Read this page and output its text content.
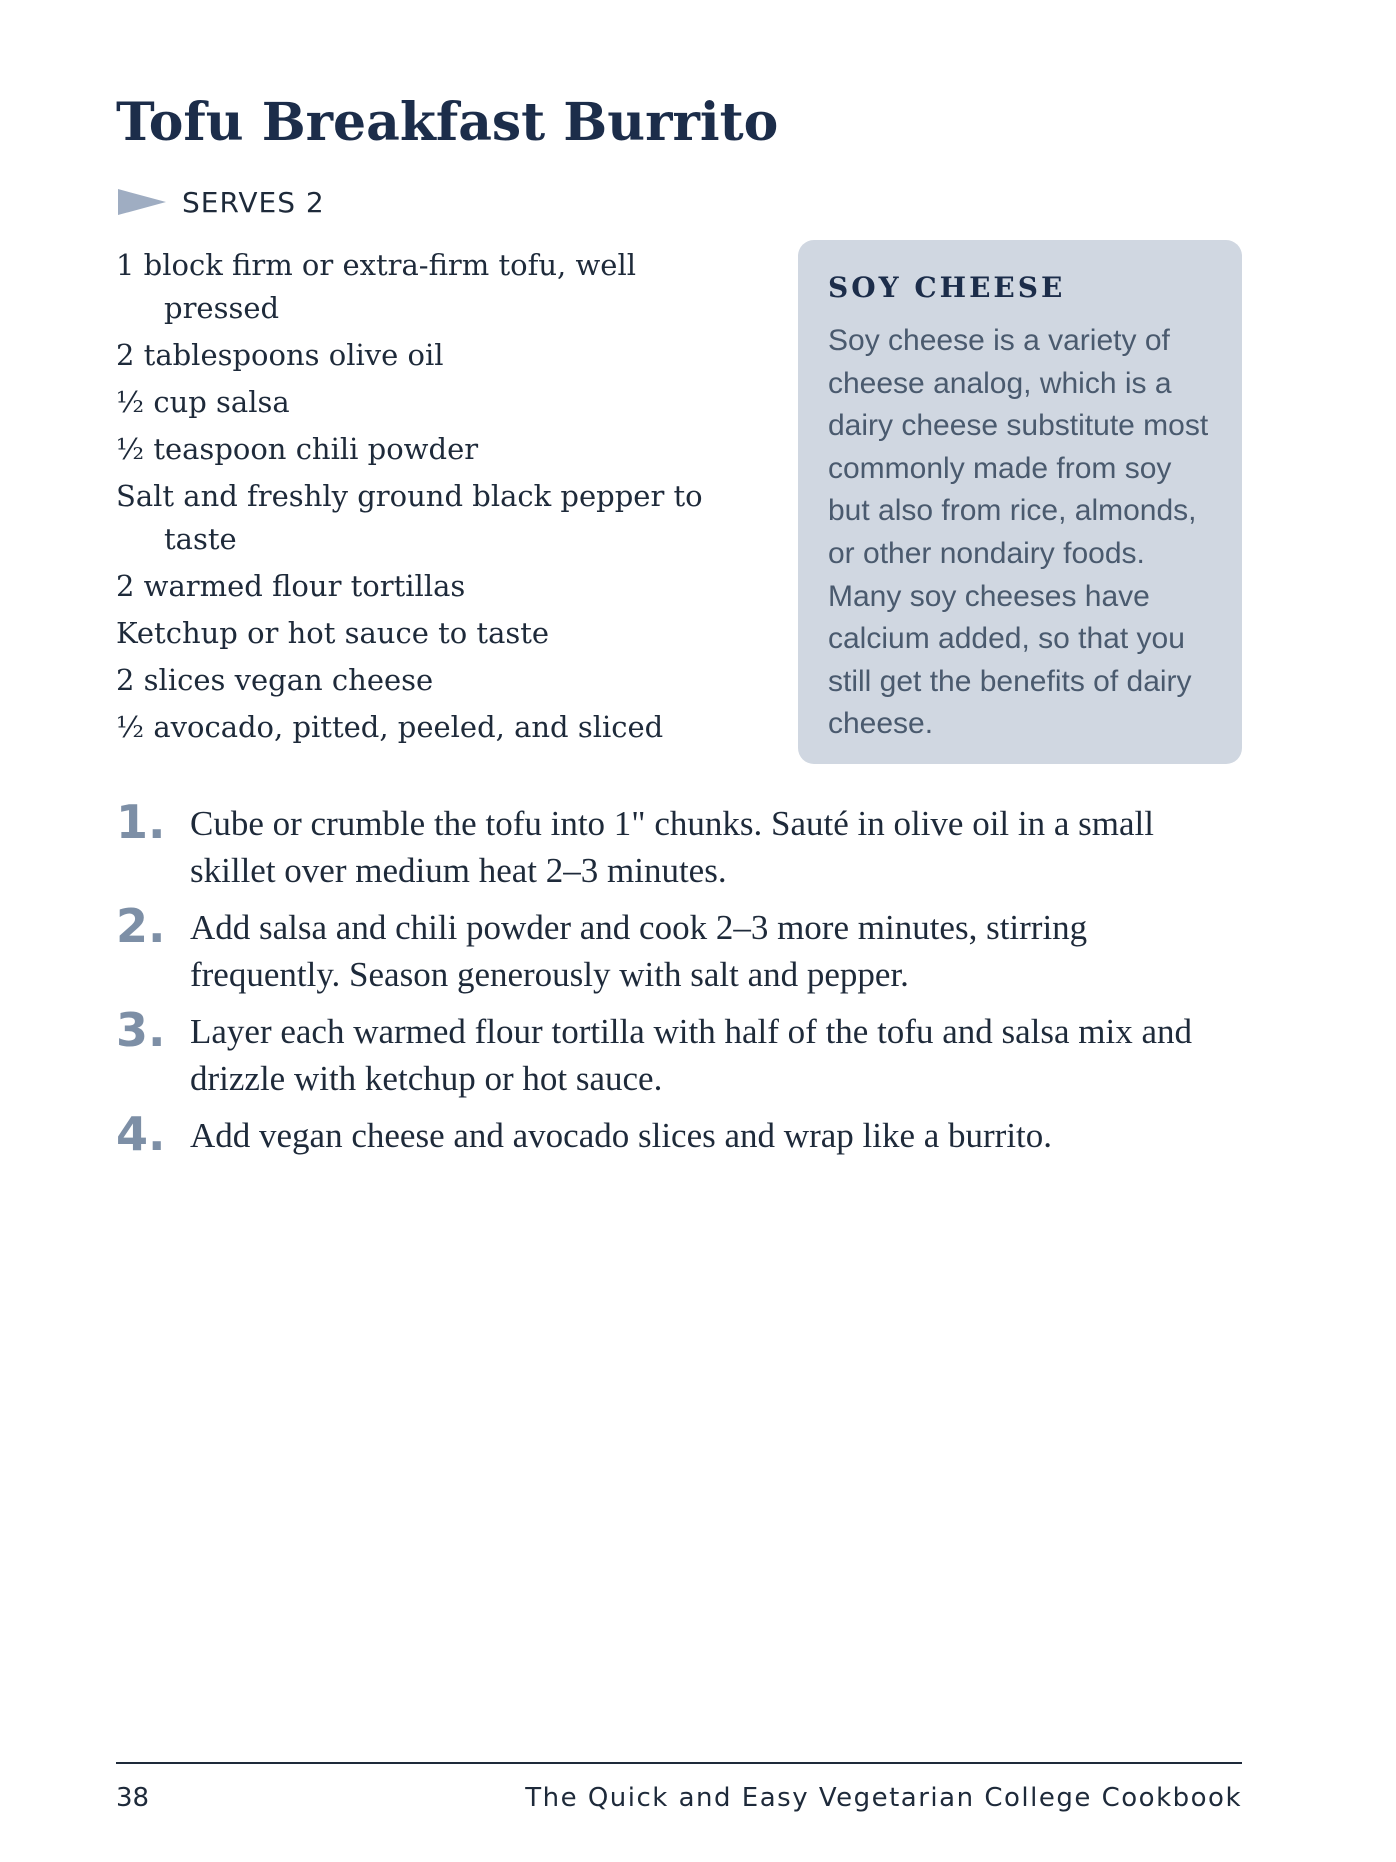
Tofu Breakfast Burrito
SERVES 2
1 block firm or extra-firm tofu, well pressed
2 tablespoons olive oil
½ cup salsa
½ teaspoon chili powder
Salt and freshly ground black pepper to taste
2 warmed flour tortillas
Ketchup or hot sauce to taste
2 slices vegan cheese
½ avocado, pitted, peeled, and sliced
SOY CHEESE

Soy cheese is a variety of cheese analog, which is a dairy cheese substitute most commonly made from soy but also from rice, almonds, or other nondairy foods. Many soy cheeses have calcium added, so that you still get the benefits of dairy cheese.

1. Cube or crumble the tofu into 1" chunks. Sauté in olive oil in a small skillet over medium heat 2–3 minutes.
2. Add salsa and chili powder and cook 2–3 more minutes, stirring frequently. Season generously with salt and pepper.
3. Layer each warmed flour tortilla with half of the tofu and salsa mix and drizzle with ketchup or hot sauce.
4. Add vegan cheese and avocado slices and wrap like a burrito.
38	The Quick and Easy Vegetarian College Cookbook
